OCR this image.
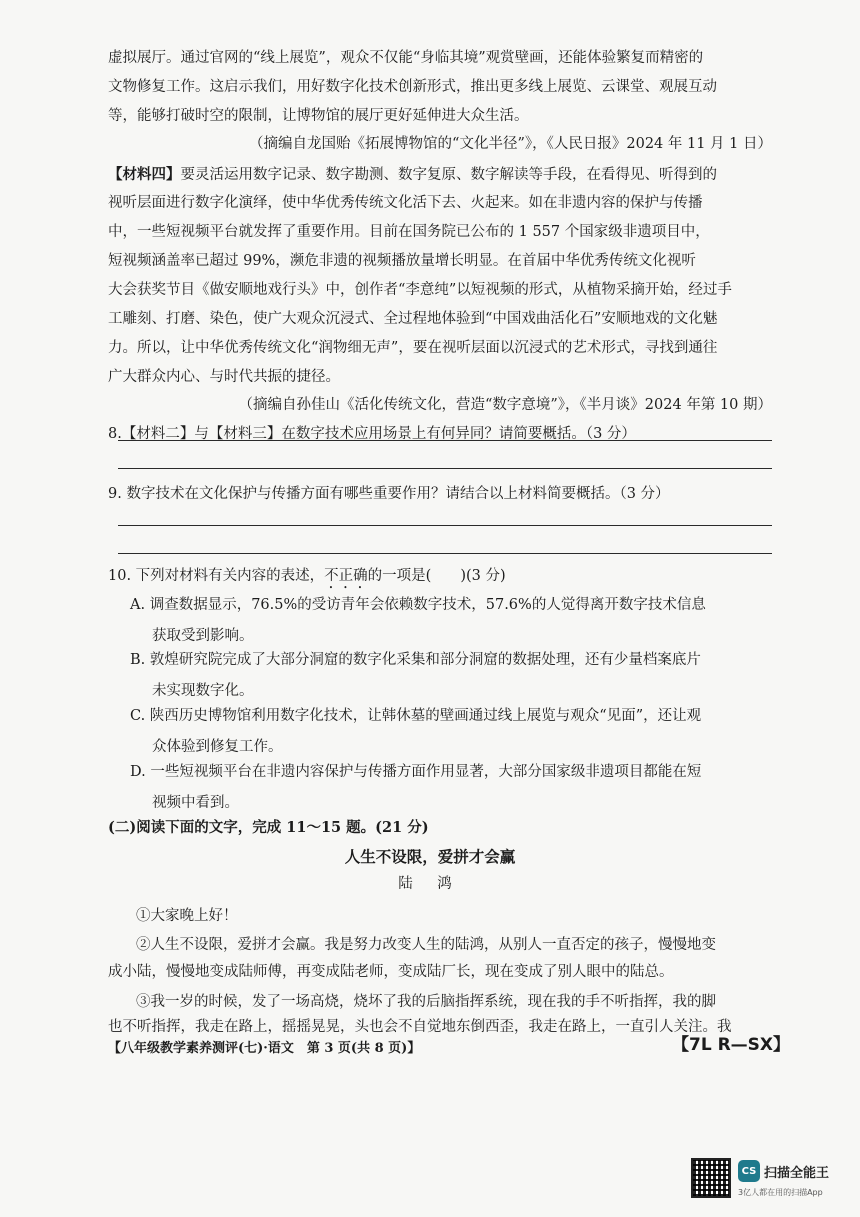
虚拟展厅。通过官网的“线上展览”，观众不仅能“身临其境”观赏壁画，还能体验繁复而精密的

文物修复工作。这启示我们，用好数字化技术创新形式，推出更多线上展览、云课堂、观展互动

等，能够打破时空的限制，让博物馆的展厅更好延伸进大众生活。

（摘编自龙国贻《拓展博物馆的“文化半径”》，《人民日报》2024 年 11 月 1 日）

【材料四】要灵活运用数字记录、数字勘测、数字复原、数字解读等手段，在看得见、听得到的

视听层面进行数字化演绎，使中华优秀传统文化活下去、火起来。如在非遗内容的保护与传播

中，一些短视频平台就发挥了重要作用。目前在国务院已公布的 1 557 个国家级非遗项目中，

短视频涵盖率已超过 99%，濒危非遗的视频播放量增长明显。在首届中华优秀传统文化视听

大会获奖节目《做安顺地戏行头》中，创作者“李意纯”以短视频的形式，从植物采摘开始，经过手

工雕刻、打磨、染色，使广大观众沉浸式、全过程地体验到“中国戏曲活化石”安顺地戏的文化魅

力。所以，让中华优秀传统文化“润物细无声”，要在视听层面以沉浸式的艺术形式，寻找到通往

广大群众内心、与时代共振的捷径。

（摘编自孙佳山《活化传统文化，营造“数字意境”》，《半月谈》2024 年第 10 期）

8.【材料二】与【材料三】在数字技术应用场景上有何异同？请简要概括。（3 分）

9. 数字技术在文化保护与传播方面有哪些重要作用？请结合以上材料简要概括。（3 分）

10. 下列对材料有关内容的表述，不正确的一项是(　　)(3 分)

A. 调查数据显示，76.5%的受访青年会依赖数字技术，57.6%的人觉得离开数字技术信息

获取受到影响。

B. 敦煌研究院完成了大部分洞窟的数字化采集和部分洞窟的数据处理，还有少量档案底片

未实现数字化。

C. 陕西历史博物馆利用数字化技术，让韩休墓的壁画通过线上展览与观众“见面”，还让观

众体验到修复工作。

D. 一些短视频平台在非遗内容保护与传播方面作用显著，大部分国家级非遗项目都能在短

视频中看到。

(二)阅读下面的文字，完成 11～15 题。(21 分)

人生不设限，爱拼才会赢

陆 鸿

①大家晚上好！

②人生不设限，爱拼才会赢。我是努力改变人生的陆鸿，从别人一直否定的孩子，慢慢地变

成小陆，慢慢地变成陆师傅，再变成陆老师，变成陆厂长，现在变成了别人眼中的陆总。

③我一岁的时候，发了一场高烧，烧坏了我的后脑指挥系统，现在我的手不听指挥，我的脚

也不听指挥，我走在路上，摇摇晃晃，头也会不自觉地东倒西歪，我走在路上，一直引人关注。我

【八年级教学素养测评(七)·语文　第 3 页(共 8 页)】	【7L R—SX】
CS 扫描全能王
3亿人都在用的扫描App
